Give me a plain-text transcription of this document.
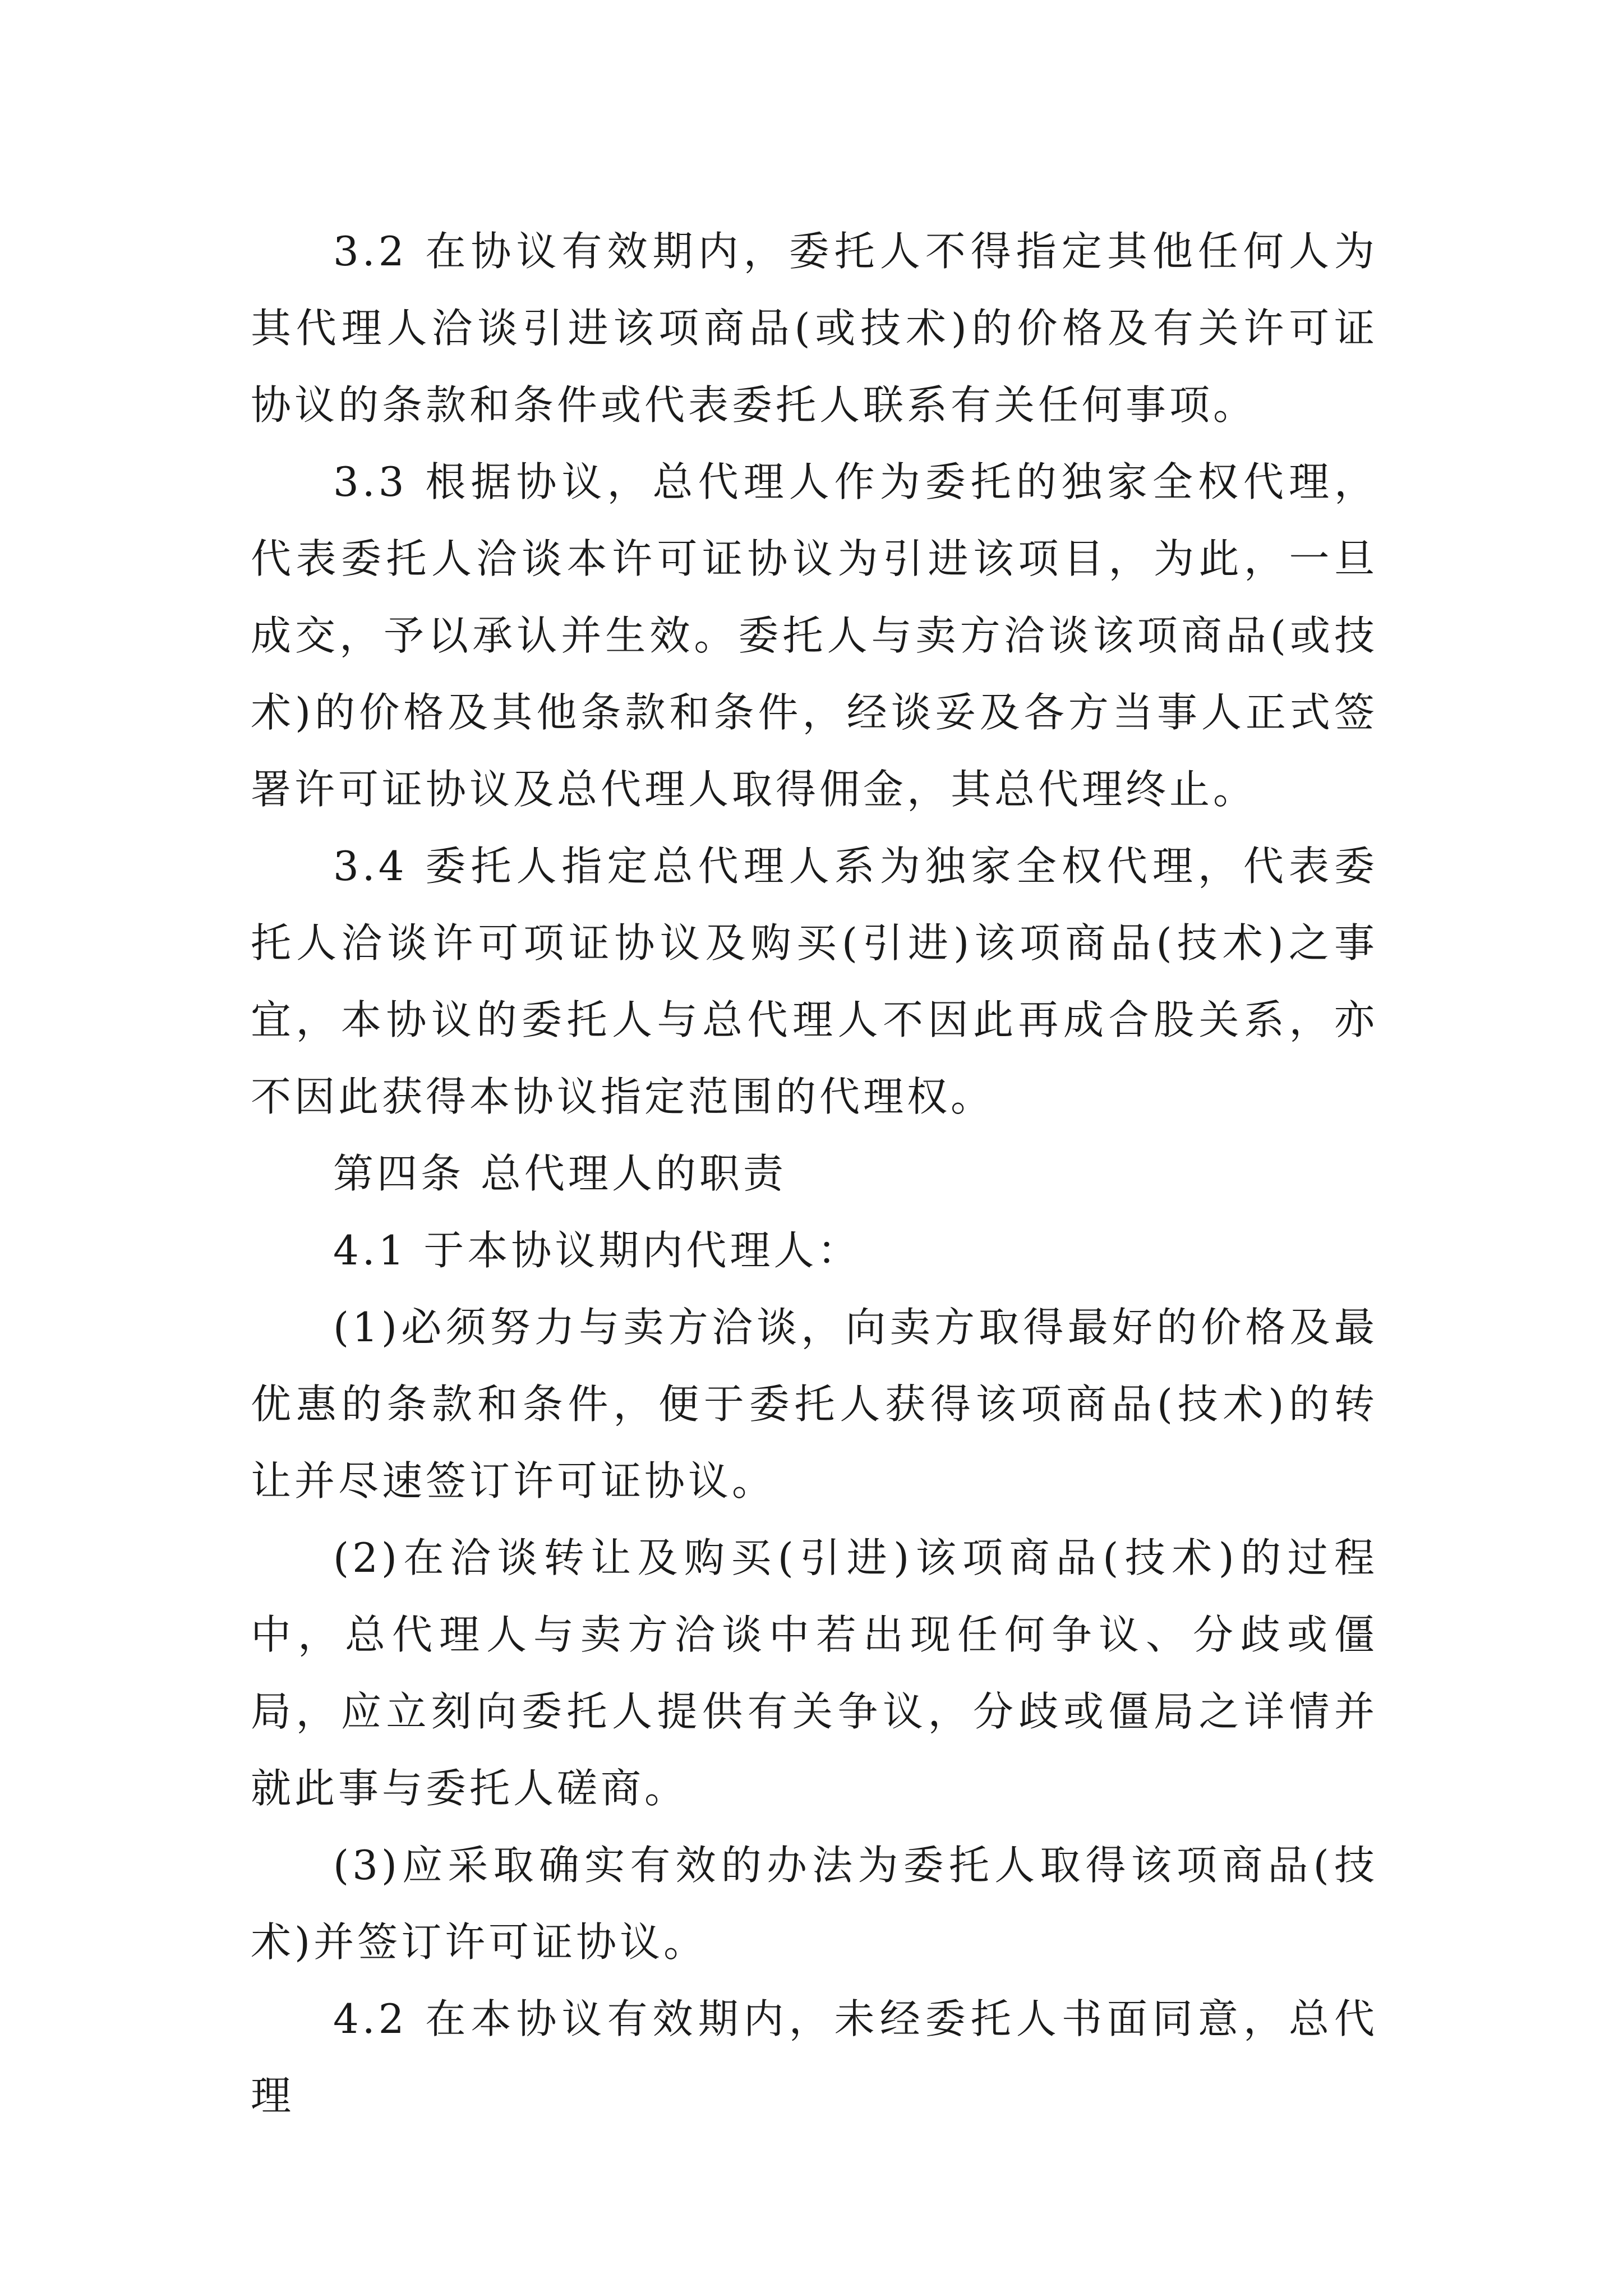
3.2 在协议有效期内，委托人不得指定其他任何人为其代理人洽谈引进该项商品(或技术)的价格及有关许可证协议的条款和条件或代表委托人联系有关任何事项。

3.3 根据协议，总代理人作为委托的独家全权代理，代表委托人洽谈本许可证协议为引进该项目，为此，一旦成交，予以承认并生效。委托人与卖方洽谈该项商品(或技术)的价格及其他条款和条件，经谈妥及各方当事人正式签署许可证协议及总代理人取得佣金，其总代理终止。

3.4 委托人指定总代理人系为独家全权代理，代表委托人洽谈许可项证协议及购买(引进)该项商品(技术)之事宜，本协议的委托人与总代理人不因此再成合股关系，亦不因此获得本协议指定范围的代理权。

第四条 总代理人的职责

4.1 于本协议期内代理人：

(1)必须努力与卖方洽谈，向卖方取得最好的价格及最优惠的条款和条件，便于委托人获得该项商品(技术)的转让并尽速签订许可证协议。

(2)在洽谈转让及购买(引进)该项商品(技术)的过程中，总代理人与卖方洽谈中若出现任何争议、分歧或僵局，应立刻向委托人提供有关争议，分歧或僵局之详情并就此事与委托人磋商。

(3)应采取确实有效的办法为委托人取得该项商品(技术)并签订许可证协议。

4.2 在本协议有效期内，未经委托人书面同意，总代理
